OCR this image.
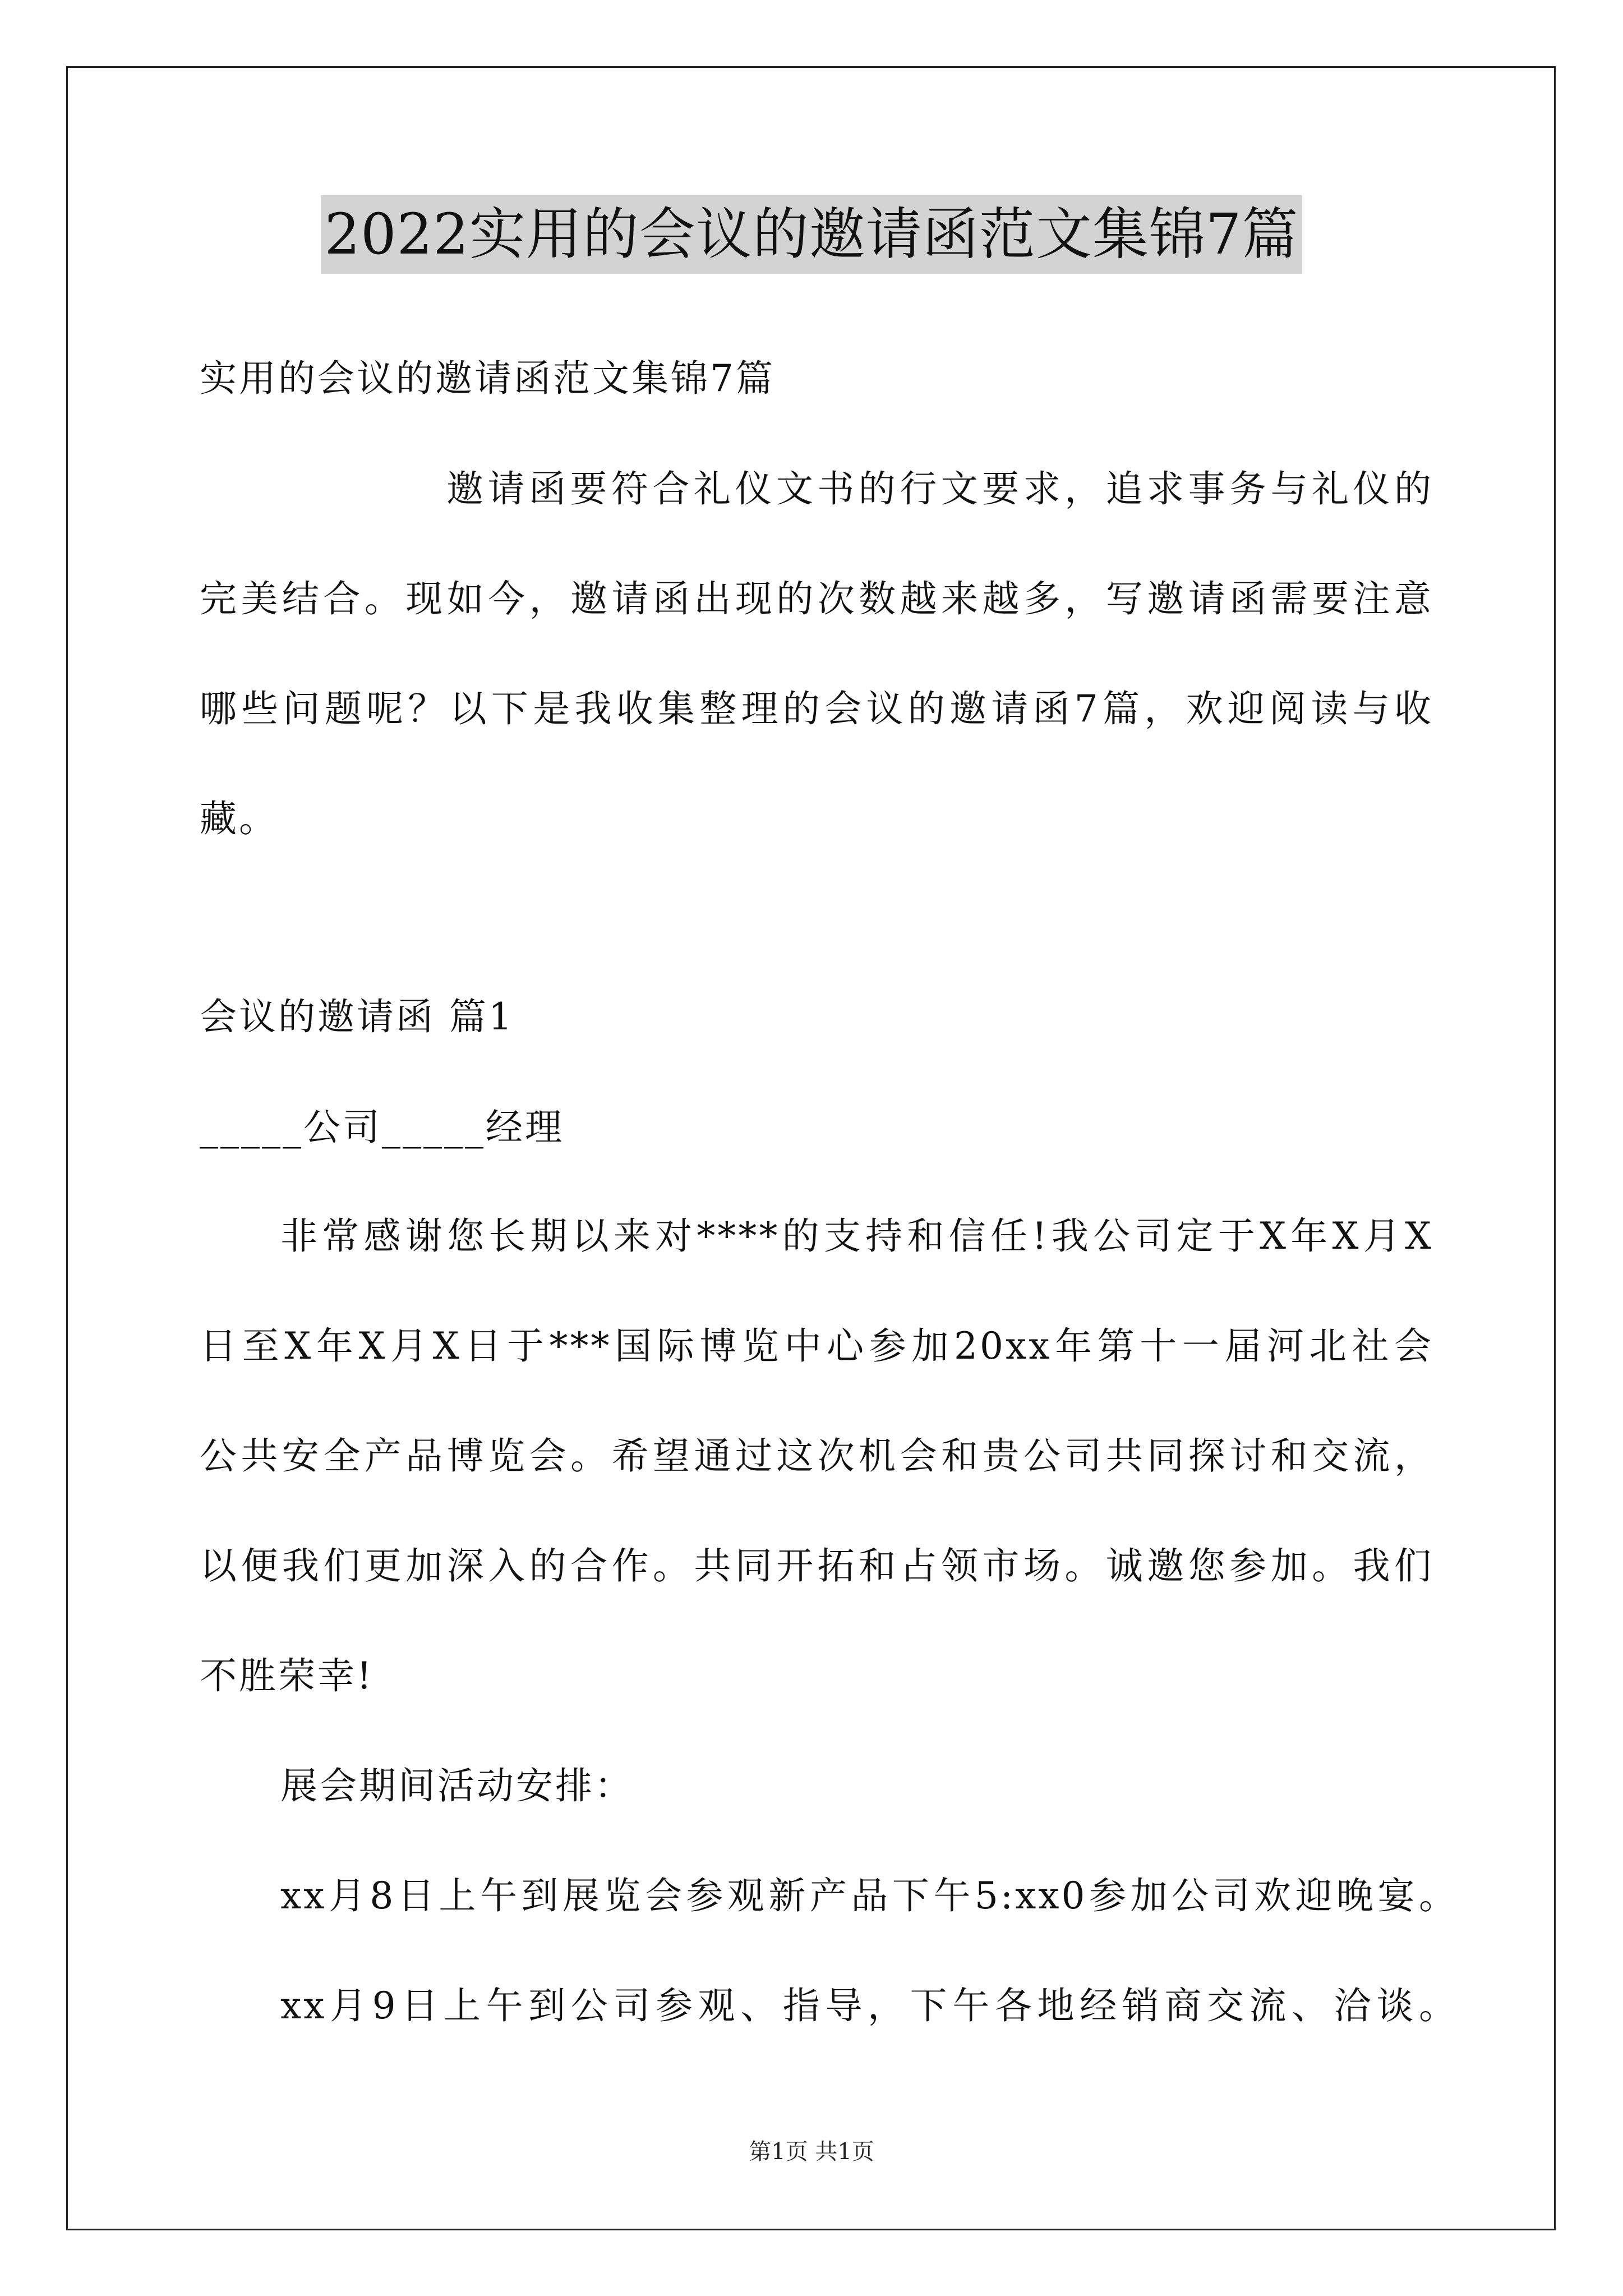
2022实用的会议的邀请函范文集锦7篇
实用的会议的邀请函范文集锦7篇
邀请函要符合礼仪文书的行文要求，追求事务与礼仪的
完美结合。现如今，邀请函出现的次数越来越多，写邀请函需要注意
哪些问题呢？以下是我收集整理的会议的邀请函7篇，欢迎阅读与收
藏。
会议的邀请函 篇1
_____公司_____经理
非常感谢您长期以来对****的支持和信任!我公司定于X年X月X
日至X年X月X日于***国际博览中心参加20xx年第十一届河北社会
公共安全产品博览会。希望通过这次机会和贵公司共同探讨和交流，
以便我们更加深入的合作。共同开拓和占领市场。诚邀您参加。我们
不胜荣幸!
展会期间活动安排：
xx月8日上午到展览会参观新产品下午5:xx0参加公司欢迎晚宴。
xx月9日上午到公司参观、指导，下午各地经销商交流、洽谈。
第1页 共1页
